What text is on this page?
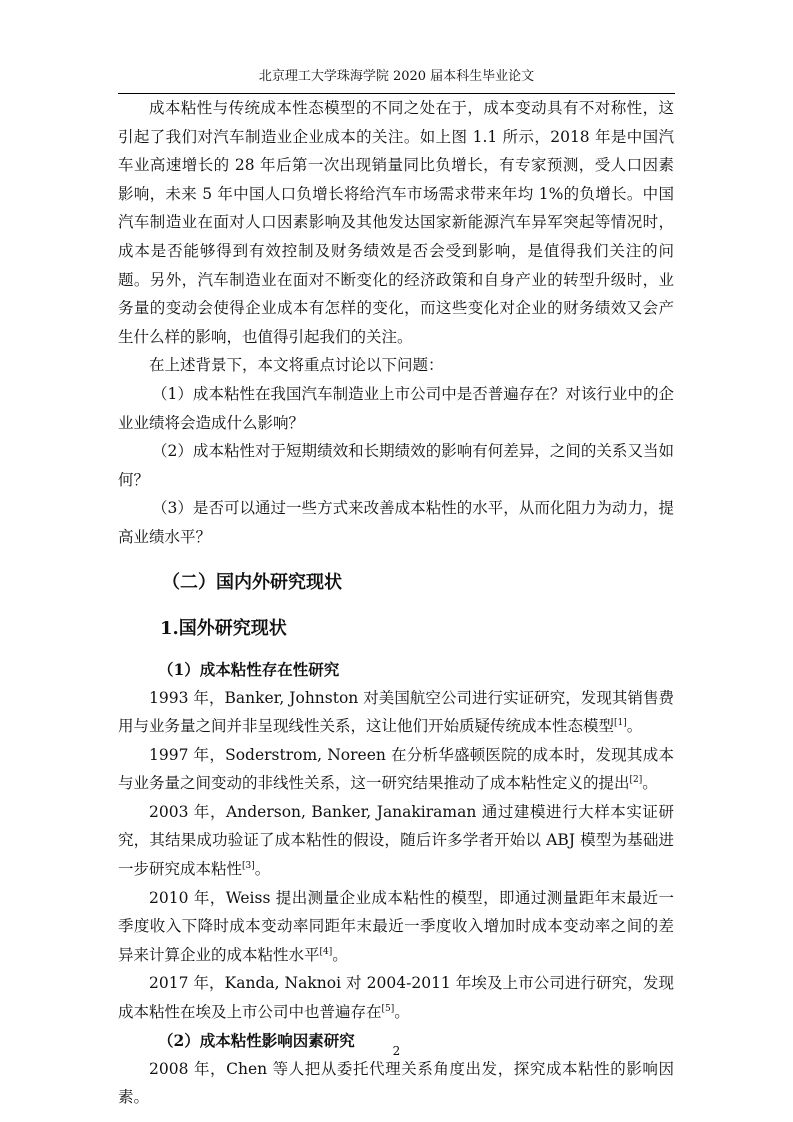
北京理工大学珠海学院 2020 届本科生毕业论文

成本粘性与传统成本性态模型的不同之处在于，成本变动具有不对称性，这引起了我们对汽车制造业企业成本的关注。如上图 1.1 所示，2018 年是中国汽车业高速增长的 28 年后第一次出现销量同比负增长，有专家预测，受人口因素影响，未来 5 年中国人口负增长将给汽车市场需求带来年均 1%的负增长。中国汽车制造业在面对人口因素影响及其他发达国家新能源汽车异军突起等情况时，成本是否能够得到有效控制及财务绩效是否会受到影响，是值得我们关注的问题。另外，汽车制造业在面对不断变化的经济政策和自身产业的转型升级时，业务量的变动会使得企业成本有怎样的变化，而这些变化对企业的财务绩效又会产生什么样的影响，也值得引起我们的关注。

在上述背景下，本文将重点讨论以下问题：

（1）成本粘性在我国汽车制造业上市公司中是否普遍存在？对该行业中的企业业绩将会造成什么影响？

（2）成本粘性对于短期绩效和长期绩效的影响有何差异，之间的关系又当如何？

（3）是否可以通过一些方式来改善成本粘性的水平，从而化阻力为动力，提高业绩水平？

（二）国内外研究现状

1.国外研究现状

（1）成本粘性存在性研究

1993 年，Banker, Johnston 对美国航空公司进行实证研究，发现其销售费用与业务量之间并非呈现线性关系，这让他们开始质疑传统成本性态模型[1]。

1997 年，Soderstrom, Noreen 在分析华盛顿医院的成本时，发现其成本与业务量之间变动的非线性关系，这一研究结果推动了成本粘性定义的提出[2]。

2003 年，Anderson, Banker, Janakiraman 通过建模进行大样本实证研究，其结果成功验证了成本粘性的假设，随后许多学者开始以 ABJ 模型为基础进一步研究成本粘性[3]。

2010 年，Weiss 提出测量企业成本粘性的模型，即通过测量距年末最近一季度收入下降时成本变动率同距年末最近一季度收入增加时成本变动率之间的差异来计算企业的成本粘性水平[4]。

2017 年，Kanda, Naknoi 对 2004-2011 年埃及上市公司进行研究，发现成本粘性在埃及上市公司中也普遍存在[5]。

（2）成本粘性影响因素研究

2008 年，Chen 等人把从委托代理关系角度出发，探究成本粘性的影响因素。

2
